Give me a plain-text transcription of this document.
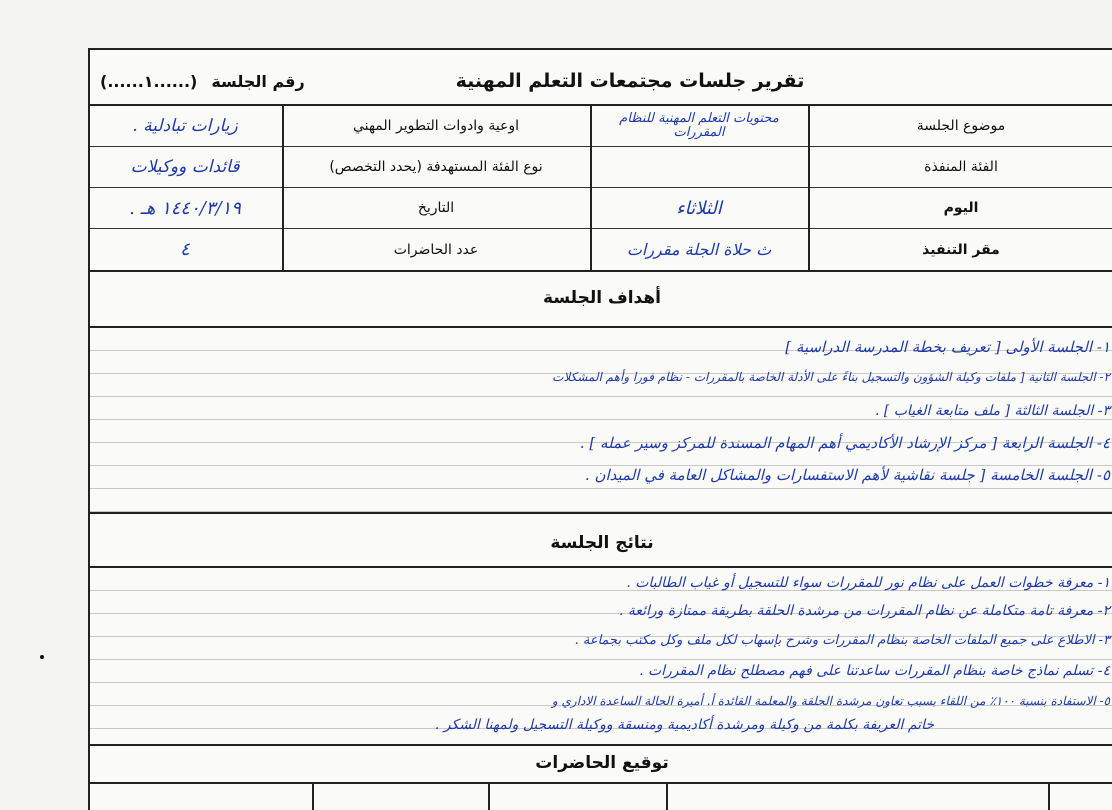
تقرير جلسات مجتمعات التعلم المهنية
(......١......) رقم الجلسة
موضوع الجلسة
محتويات التعلم المهنية للنظام المقررات
اوعية وادوات التطوير المهني
زيارات تبادلية .
الفئة المنفذة
نوع الفئة المستهدفة (يحدد التخصص)
قائدات ووكيلات
اليوم
الثلاثاء
التاريخ
١٤٤٠/٣/١٩ هـ .
مقر التنفيذ
ث حلاة الجلة مقررات
عدد الحاضرات
٤
أهداف الجلسة
١- الجلسة الأولى [ تعريف بخطة المدرسة الدراسية ]
٢- الجلسة الثانية [ ملفات وكيلة الشؤون والتسجيل بناءً على الأدلة الخاصة بالمقررات - نظام فورا وأهم المشكلات
٣- الجلسة الثالثة [ ملف متابعة الغياب ] .
٤- الجلسة الرابعة [ مركز الإرشاد الأكاديمي أهم المهام المسندة للمركز وسير عمله ] .
٥- الجلسة الخامسة [ جلسة نقاشية لأهم الاستفسارات والمشاكل العامة في الميدان .
نتائج الجلسة
١- معرفة خطوات العمل على نظام نور للمقررات سواء للتسجيل أو غياب الطالبات .
٢- معرفة تامة متكاملة عن نظام المقررات من مرشدة الحلقة بطريقة ممتازة ورائعة .
٣- الاطلاع على جميع الملفات الخاصة بنظام المقررات وشرح بإسهاب لكل ملف وكل مكتب بجماعة .
٤- تسلم نماذج خاصة بنظام المقررات ساعدتنا على فهم مصطلح نظام المقررات .
٥- الاستفادة بنسبة ١٠٠٪ من اللقاء بسبب تعاون مرشدة الحلقة والمعلمة القائدة أ. أميرة الحالة الساعدة الاداري و
خاتم العريفة بكلمة من وكيلة ومرشدة أكاديمية ومنسقة ووكيلة التسجيل ولمهنا الشكر .
توقيع الحاضرات
